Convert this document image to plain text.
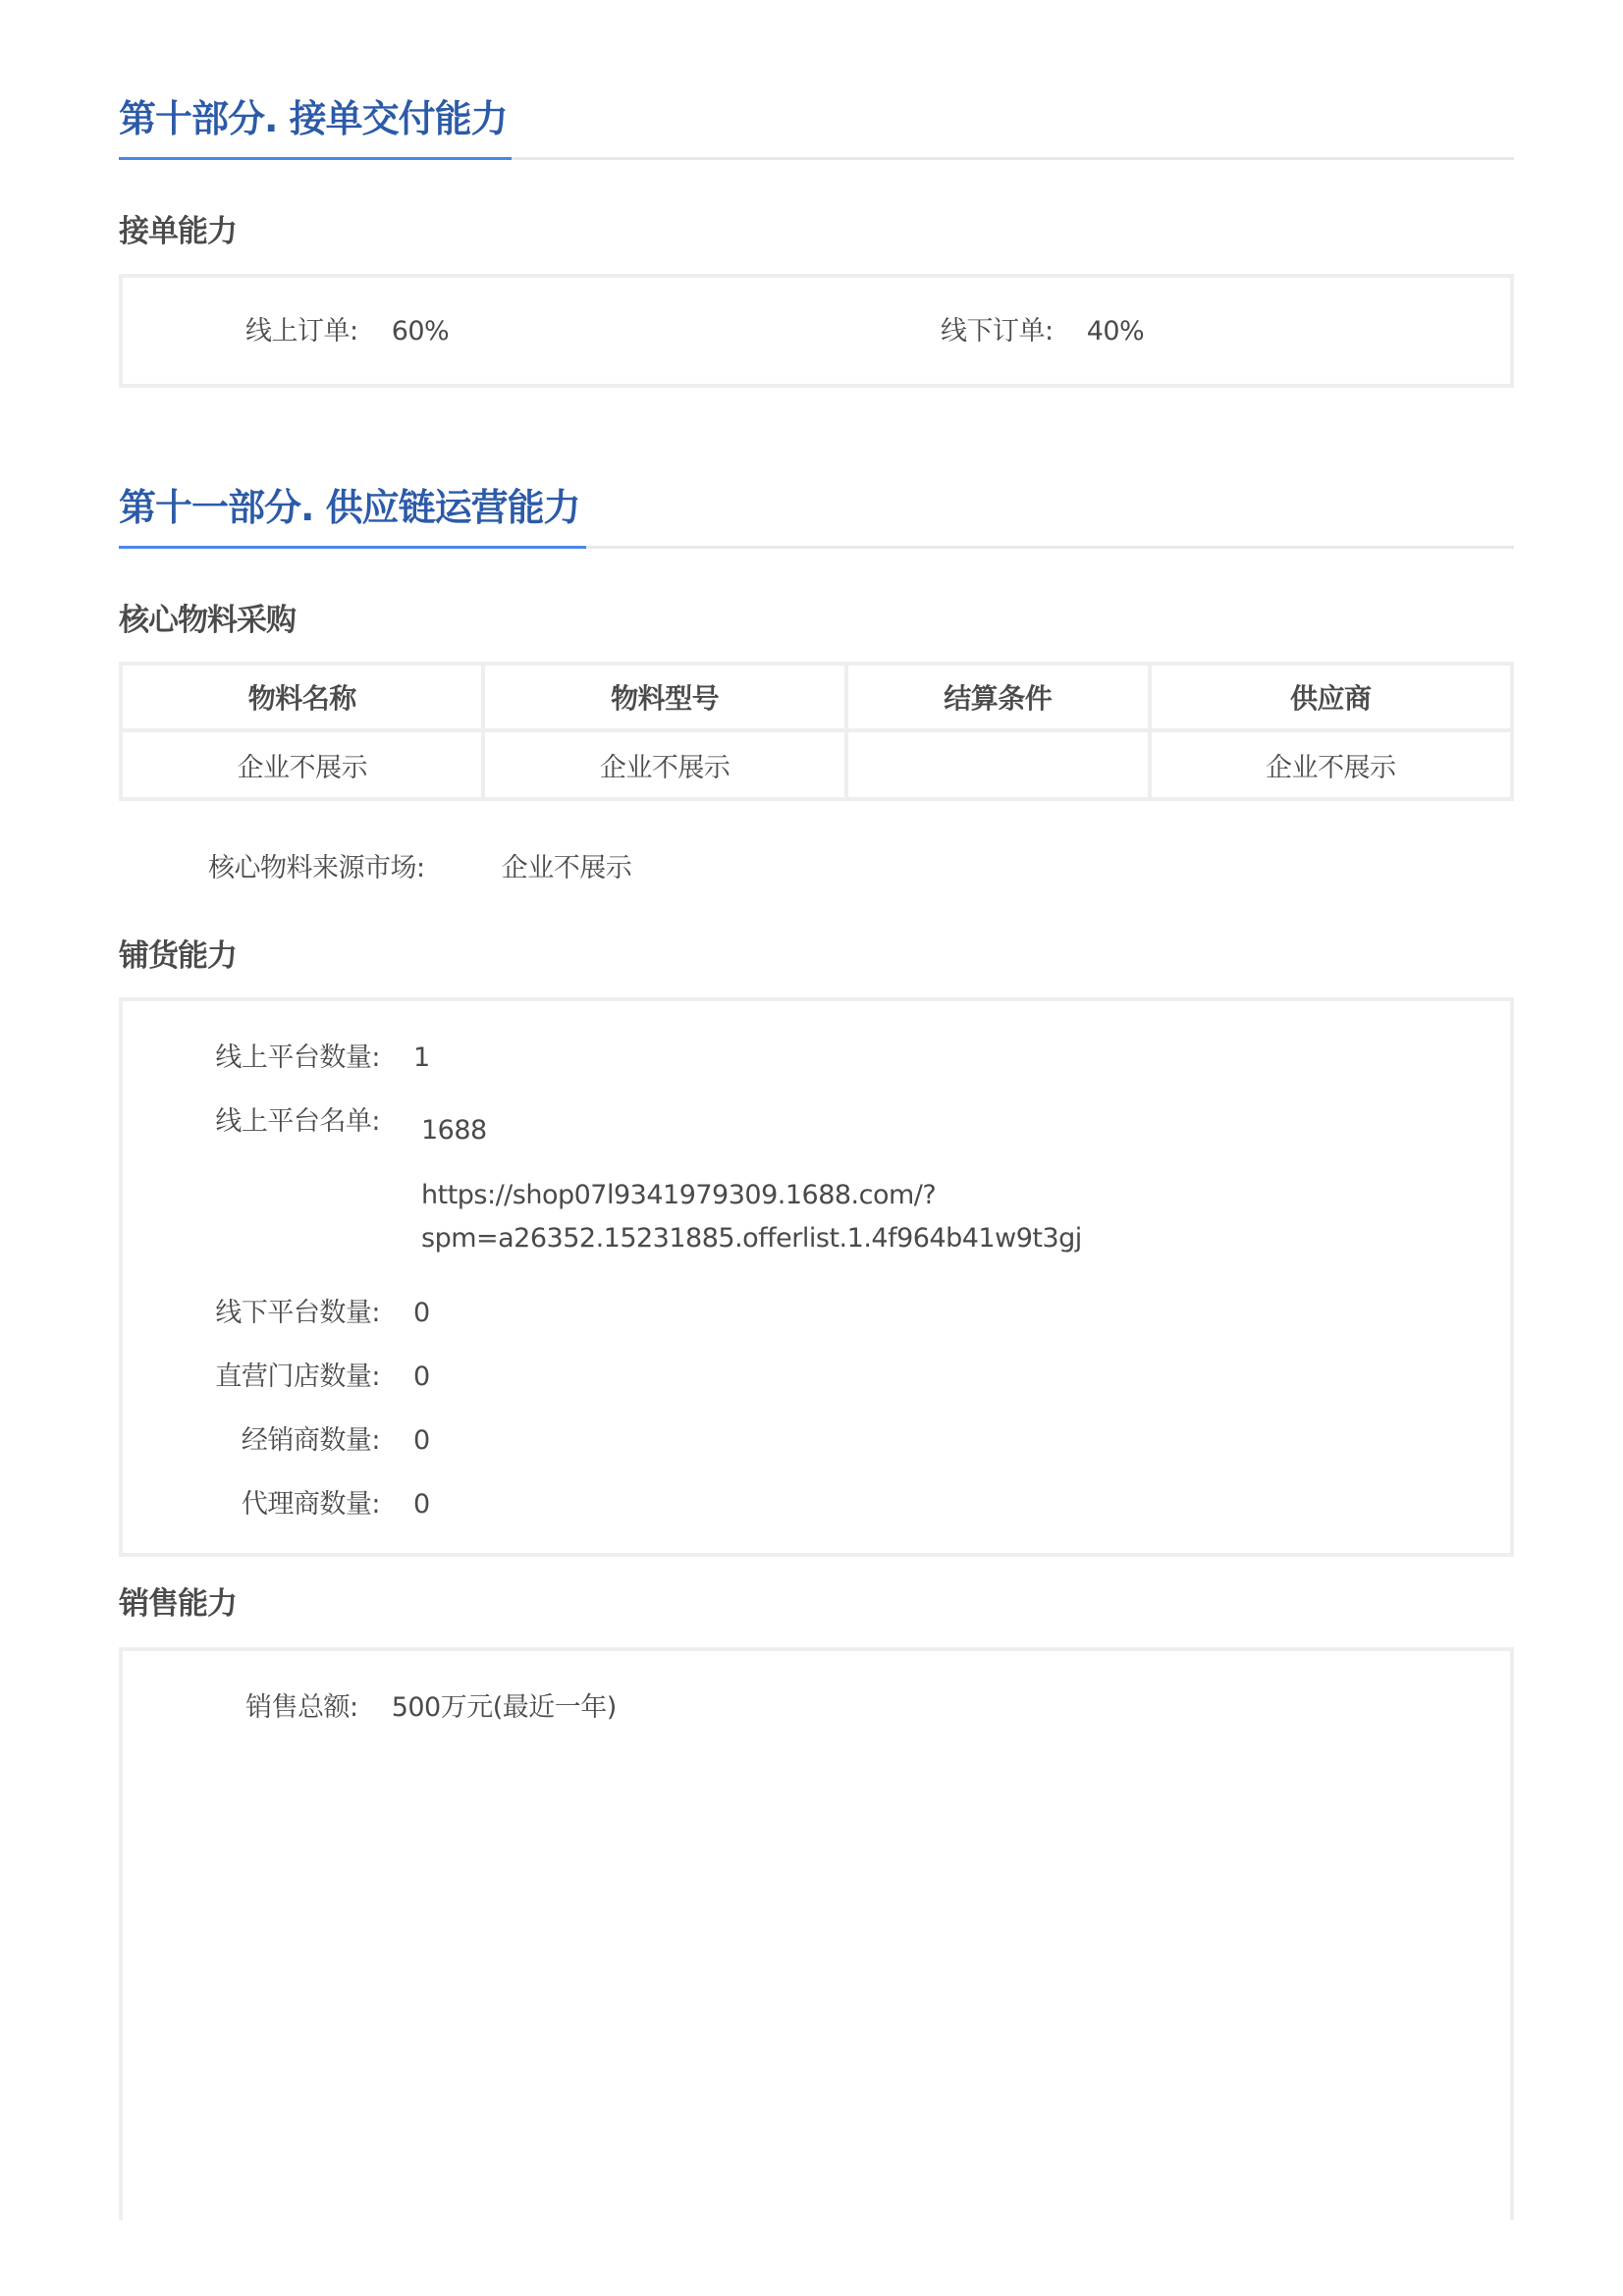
第十部分. 接单交付能力
接单能力
线上订单: 60%	线下订单: 40%
第十一部分. 供应链运营能力
核心物料采购
物料名称	物料型号	结算条件	供应商
企业不展示	企业不展示		企业不展示
核心物料来源市场:	企业不展示
铺货能力
线上平台数量: 1
线上平台名单: 1688
https://shop07l9341979309.1688.com/?
spm=a26352.15231885.offerlist.1.4f964b41w9t3gj
线下平台数量: 0
直营门店数量: 0
经销商数量: 0
代理商数量: 0
销售能力
销售总额: 500万元(最近一年)
